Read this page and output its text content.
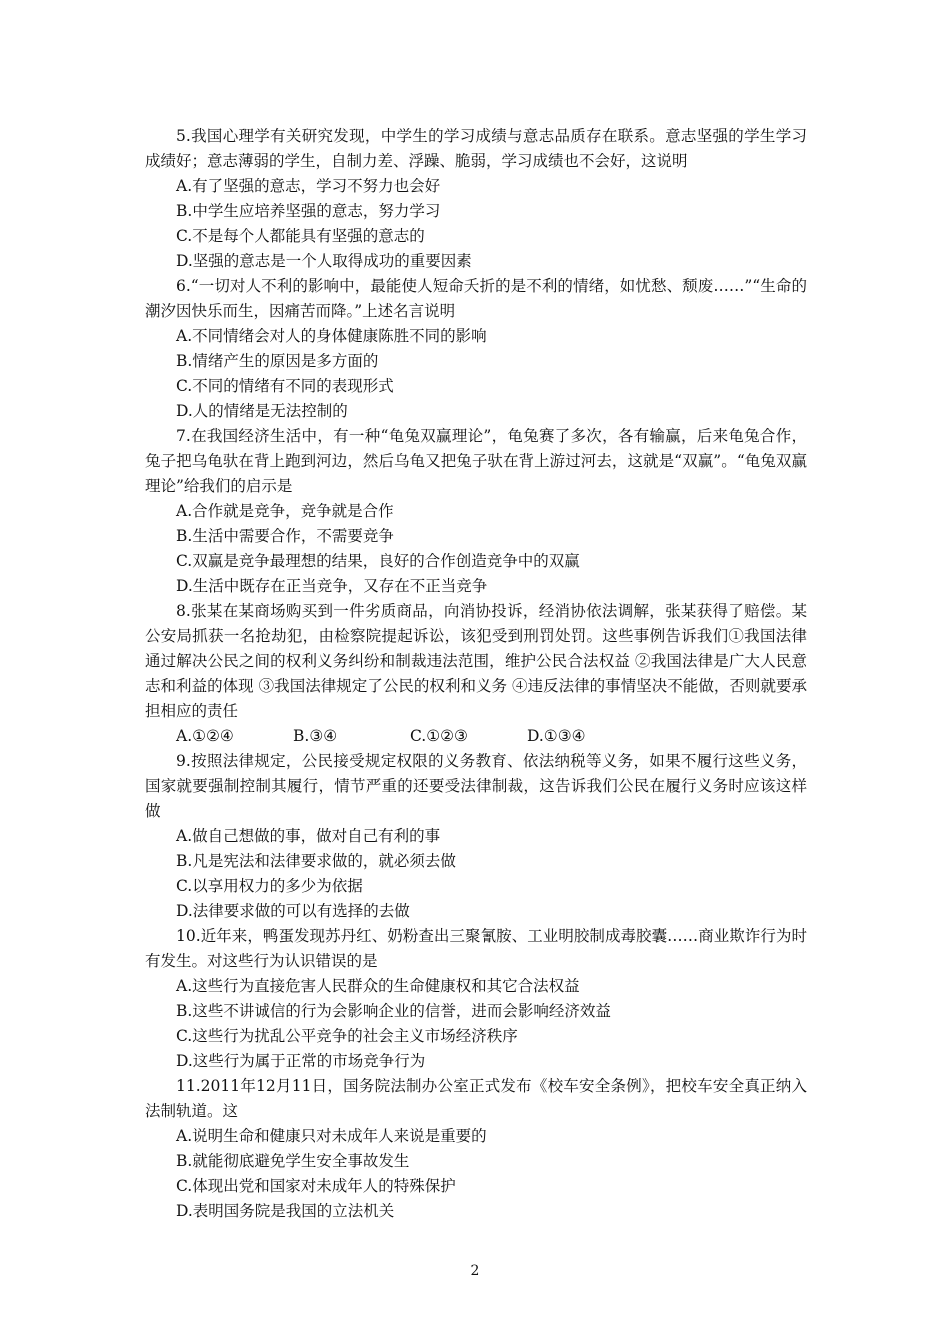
5.我国心理学有关研究发现，中学生的学习成绩与意志品质存在联系。意志坚强的学生学习成绩好；意志薄弱的学生，自制力差、浮躁、脆弱，学习成绩也不会好，这说明

A.有了坚强的意志，学习不努力也会好

B.中学生应培养坚强的意志，努力学习

C.不是每个人都能具有坚强的意志的

D.坚强的意志是一个人取得成功的重要因素

6.“一切对人不利的影响中，最能使人短命夭折的是不利的情绪，如忧愁、颓废……”“生命的潮汐因快乐而生，因痛苦而降。”上述名言说明

A.不同情绪会对人的身体健康陈胜不同的影响

B.情绪产生的原因是多方面的

C.不同的情绪有不同的表现形式

D.人的情绪是无法控制的

7.在我国经济生活中，有一种“龟兔双赢理论”，龟兔赛了多次，各有输赢，后来龟兔合作，兔子把乌龟驮在背上跑到河边，然后乌龟又把兔子驮在背上游过河去，这就是“双赢”。“龟兔双赢理论”给我们的启示是

A.合作就是竞争，竞争就是合作

B.生活中需要合作，不需要竞争

C.双赢是竞争最理想的结果，良好的合作创造竞争中的双赢

D.生活中既存在正当竞争，又存在不正当竞争

8.张某在某商场购买到一件劣质商品，向消协投诉，经消协依法调解，张某获得了赔偿。某公安局抓获一名抢劫犯，由检察院提起诉讼，该犯受到刑罚处罚。这些事例告诉我们①我国法律通过解决公民之间的权利义务纠纷和制裁违法范围，维护公民合法权益 ②我国法律是广大人民意志和利益的体现 ③我国法律规定了公民的权利和义务 ④违反法律的事情坚决不能做，否则就要承担相应的责任

A.①②④	B.③④	C.①②③	D.①③④

9.按照法律规定，公民接受规定权限的义务教育、依法纳税等义务，如果不履行这些义务，国家就要强制控制其履行，情节严重的还要受法律制裁，这告诉我们公民在履行义务时应该这样做

A.做自己想做的事，做对自己有利的事

B.凡是宪法和法律要求做的，就必须去做

C.以享用权力的多少为依据

D.法律要求做的可以有选择的去做

10.近年来，鸭蛋发现苏丹红、奶粉查出三聚氰胺、工业明胶制成毒胶囊……商业欺诈行为时有发生。对这些行为认识错误的是

A.这些行为直接危害人民群众的生命健康权和其它合法权益

B.这些不讲诚信的行为会影响企业的信誉，进而会影响经济效益

C.这些行为扰乱公平竞争的社会主义市场经济秩序

D.这些行为属于正常的市场竞争行为

11.2011年12月11日，国务院法制办公室正式发布《校车安全条例》，把校车安全真正纳入法制轨道。这

A.说明生命和健康只对未成年人来说是重要的

B.就能彻底避免学生安全事故发生

C.体现出党和国家对未成年人的特殊保护

D.表明国务院是我国的立法机关

2
